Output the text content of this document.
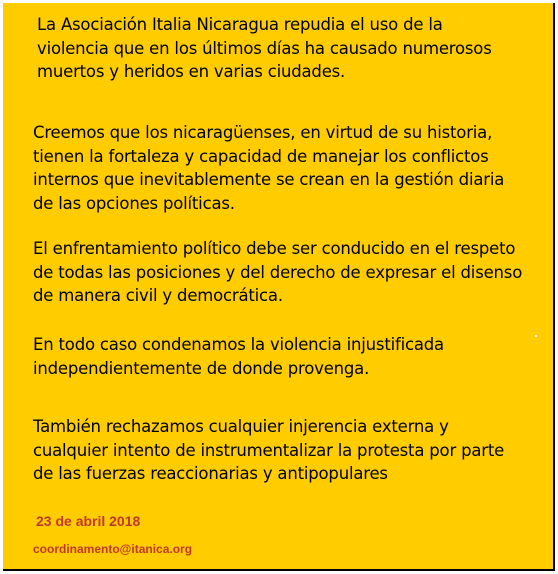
La Asociación Italia Nicaragua repudia el uso de la
violencia que en los últimos días ha causado numerosos
muertos y heridos en varias ciudades.

Creemos que los nicaragüenses, en virtud de su historia,
tienen la fortaleza y capacidad de manejar los conflictos
internos que inevitablemente se crean en la gestión diaria
de las opciones políticas.

El enfrentamiento político debe ser conducido en el respeto
de todas las posiciones y del derecho de expresar el disenso
de manera civil y democrática.

En todo caso condenamos la violencia injustificada
independientemente de donde provenga.

También rechazamos cualquier injerencia externa y
cualquier intento de instrumentalizar la protesta por parte
de las fuerzas reaccionarias y antipopulares

23 de abril 2018
coordinamento@itanica.org
